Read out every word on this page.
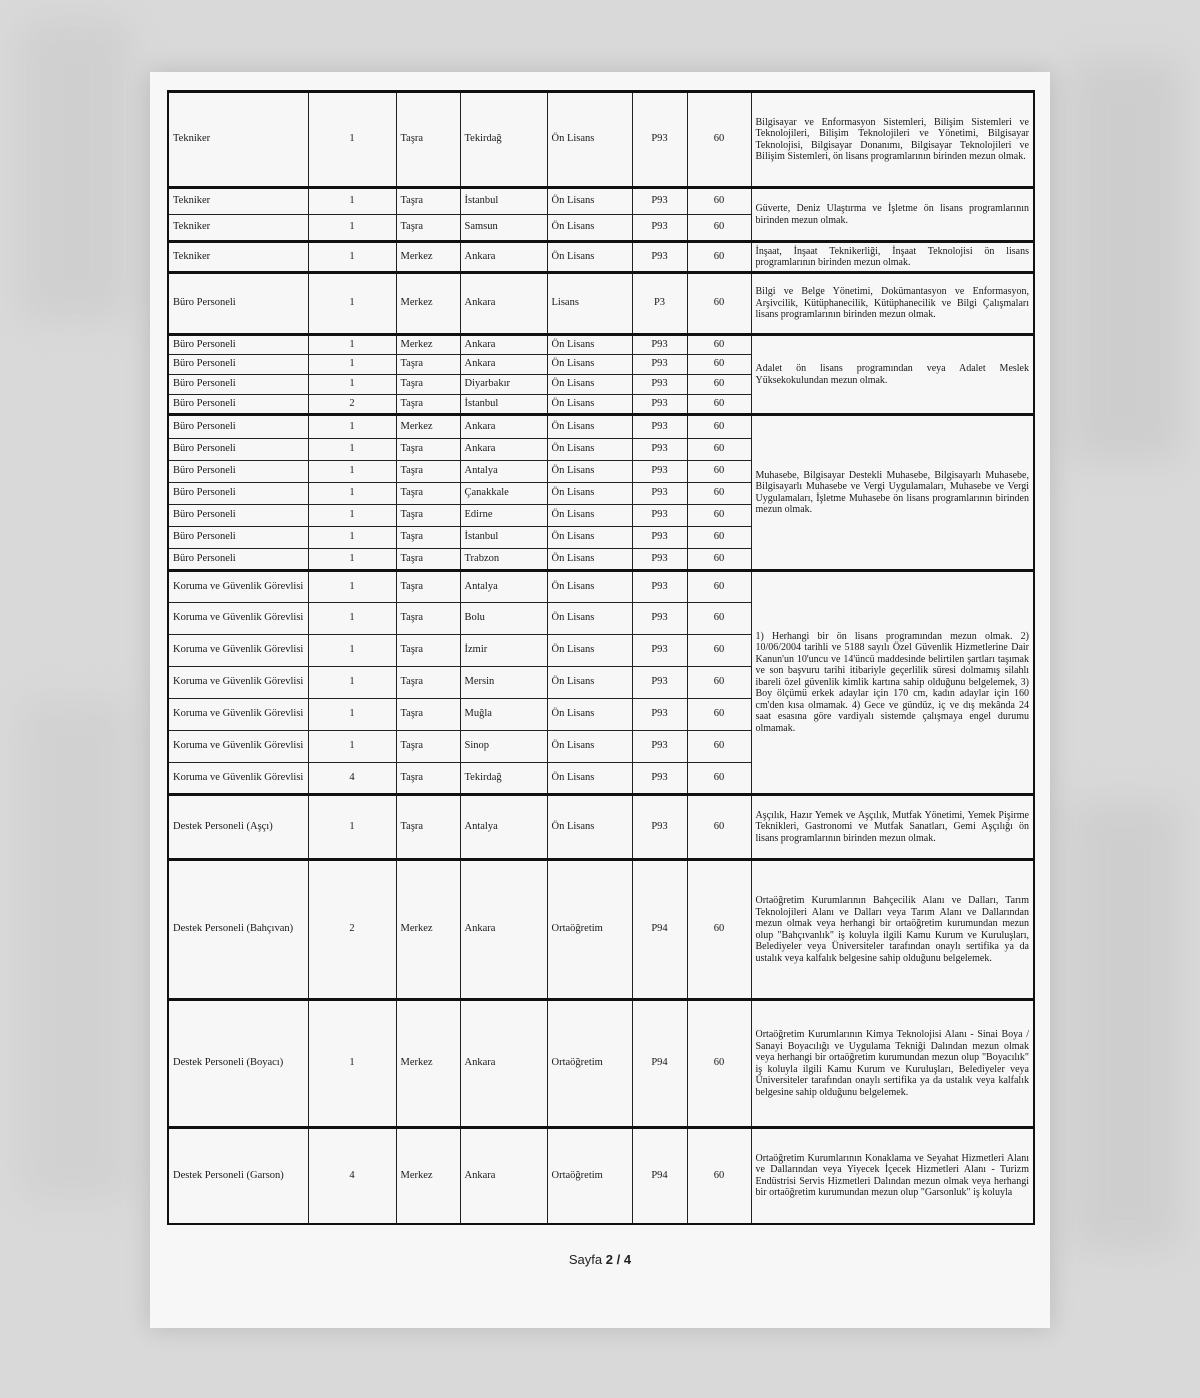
Tekniker	1	Taşra	Tekirdağ	Ön Lisans	P93	60	Bilgisayar ve Enformasyon Sistemleri, Bilişim Sistemleri ve Teknolojileri, Bilişim Teknolojileri ve Yönetimi, Bilgisayar Teknolojisi, Bilgisayar Donanımı, Bilgisayar Teknolojileri ve Bilişim Sistemleri, ön lisans programlarının birinden mezun olmak.
Tekniker	1	Taşra	İstanbul	Ön Lisans	P93	60	Güverte, Deniz Ulaştırma ve İşletme ön lisans programlarının birinden mezun olmak.
Tekniker	1	Taşra	Samsun	Ön Lisans	P93	60	
Tekniker	1	Merkez	Ankara	Ön Lisans	P93	60	İnşaat, İnşaat Teknikerliği, İnşaat Teknolojisi ön lisans programlarının birinden mezun olmak.
Büro Personeli	1	Merkez	Ankara	Lisans	P3	60	Bilgi ve Belge Yönetimi, Dokümantasyon ve Enformasyon, Arşivcilik, Kütüphanecilik, Kütüphanecilik ve Bilgi Çalışmaları lisans programlarının birinden mezun olmak.
Büro Personeli	1	Merkez	Ankara	Ön Lisans	P93	60	Adalet ön lisans programından veya Adalet Meslek Yüksekokulundan mezun olmak.
Büro Personeli	1	Taşra	Ankara	Ön Lisans	P93	60	
Büro Personeli	1	Taşra	Diyarbakır	Ön Lisans	P93	60	
Büro Personeli	2	Taşra	İstanbul	Ön Lisans	P93	60	
Büro Personeli	1	Merkez	Ankara	Ön Lisans	P93	60	Muhasebe, Bilgisayar Destekli Muhasebe, Bilgisayarlı Muhasebe, Bilgisayarlı Muhasebe ve Vergi Uygulamaları, Muhasebe ve Vergi Uygulamaları, İşletme Muhasebe ön lisans programlarının birinden mezun olmak.
Büro Personeli	1	Taşra	Ankara	Ön Lisans	P93	60	
Büro Personeli	1	Taşra	Antalya	Ön Lisans	P93	60	
Büro Personeli	1	Taşra	Çanakkale	Ön Lisans	P93	60	
Büro Personeli	1	Taşra	Edirne	Ön Lisans	P93	60	
Büro Personeli	1	Taşra	İstanbul	Ön Lisans	P93	60	
Büro Personeli	1	Taşra	Trabzon	Ön Lisans	P93	60	
Koruma ve Güvenlik Görevlisi	1	Taşra	Antalya	Ön Lisans	P93	60	1) Herhangi bir ön lisans programından mezun olmak. 2) 10/06/2004 tarihli ve 5188 sayılı Özel Güvenlik Hizmetlerine Dair Kanun'un 10'uncu ve 14'üncü maddesinde belirtilen şartları taşımak ve son başvuru tarihi itibariyle geçerlilik süresi dolmamış silahlı ibareli özel güvenlik kimlik kartına sahip olduğunu belgelemek, 3) Boy ölçümü erkek adaylar için 170 cm, kadın adaylar için 160 cm'den kısa olmamak. 4) Gece ve gündüz, iç ve dış mekânda 24 saat esasına göre vardiyalı sistemde çalışmaya engel durumu olmamak.
Koruma ve Güvenlik Görevlisi	1	Taşra	Bolu	Ön Lisans	P93	60	
Koruma ve Güvenlik Görevlisi	1	Taşra	İzmir	Ön Lisans	P93	60	
Koruma ve Güvenlik Görevlisi	1	Taşra	Mersin	Ön Lisans	P93	60	
Koruma ve Güvenlik Görevlisi	1	Taşra	Muğla	Ön Lisans	P93	60	
Koruma ve Güvenlik Görevlisi	1	Taşra	Sinop	Ön Lisans	P93	60	
Koruma ve Güvenlik Görevlisi	4	Taşra	Tekirdağ	Ön Lisans	P93	60	
Destek Personeli (Aşçı)	1	Taşra	Antalya	Ön Lisans	P93	60	Aşçılık, Hazır Yemek ve Aşçılık, Mutfak Yönetimi, Yemek Pişirme Teknikleri, Gastronomi ve Mutfak Sanatları, Gemi Aşçılığı ön lisans programlarının birinden mezun olmak.
Destek Personeli (Bahçıvan)	2	Merkez	Ankara	Ortaöğretim	P94	60	Ortaöğretim Kurumlarının Bahçecilik Alanı ve Dalları, Tarım Teknolojileri Alanı ve Dalları veya Tarım Alanı ve Dallarından mezun olmak veya herhangi bir ortaöğretim kurumundan mezun olup "Bahçıvanlık" iş koluyla ilgili Kamu Kurum ve Kuruluşları, Belediyeler veya Üniversiteler tarafından onaylı sertifika ya da ustalık veya kalfalık belgesine sahip olduğunu belgelemek.
Destek Personeli (Boyacı)	1	Merkez	Ankara	Ortaöğretim	P94	60	Ortaöğretim Kurumlarının Kimya Teknolojisi Alanı - Sinai Boya / Sanayi Boyacılığı ve Uygulama Tekniği Dalından mezun olmak veya herhangi bir ortaöğretim kurumundan mezun olup "Boyacılık" iş koluyla ilgili Kamu Kurum ve Kuruluşları, Belediyeler veya Üniversiteler tarafından onaylı sertifika ya da ustalık veya kalfalık belgesine sahip olduğunu belgelemek.
Destek Personeli (Garson)	4	Merkez	Ankara	Ortaöğretim	P94	60	Ortaöğretim Kurumlarının Konaklama ve Seyahat Hizmetleri Alanı ve Dallarından veya Yiyecek İçecek Hizmetleri Alanı - Turizm Endüstrisi Servis Hizmetleri Dalından mezun olmak veya herhangi bir ortaöğretim kurumundan mezun olup "Garsonluk" iş koluyla
Sayfa 2 / 4
